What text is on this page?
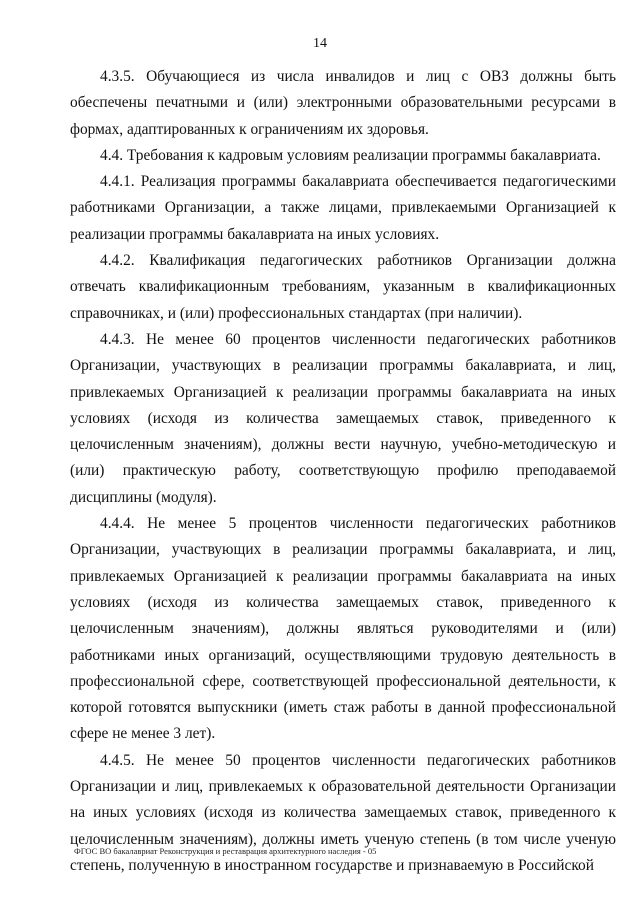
14

4.3.5. Обучающиеся из числа инвалидов и лиц с ОВЗ должны быть обеспечены печатными и (или) электронными образовательными ресурсами в формах, адаптированных к ограничениям их здоровья.

4.4. Требования к кадровым условиям реализации программы бакалавриата.

4.4.1. Реализация программы бакалавриата обеспечивается педагогическими работниками Организации, а также лицами, привлекаемыми Организацией к реализации программы бакалавриата на иных условиях.

4.4.2. Квалификация педагогических работников Организации должна отвечать квалификационным требованиям, указанным в квалификационных справочниках, и (или) профессиональных стандартах (при наличии).

4.4.3. Не менее 60 процентов численности педагогических работников Организации, участвующих в реализации программы бакалавриата, и лиц, привлекаемых Организацией к реализации программы бакалавриата на иных условиях (исходя из количества замещаемых ставок, приведенного к целочисленным значениям), должны вести научную, учебно-методическую и (или) практическую работу, соответствующую профилю преподаваемой дисциплины (модуля).

4.4.4. Не менее 5 процентов численности педагогических работников Организации, участвующих в реализации программы бакалавриата, и лиц, привлекаемых Организацией к реализации программы бакалавриата на иных условиях (исходя из количества замещаемых ставок, приведенного к целочисленным значениям), должны являться руководителями и (или) работниками иных организаций, осуществляющими трудовую деятельность в профессиональной сфере, соответствующей профессиональной деятельности, к которой готовятся выпускники (иметь стаж работы в данной профессиональной сфере не менее 3 лет).

4.4.5. Не менее 50 процентов численности педагогических работников Организации и лиц, привлекаемых к образовательной деятельности Организации на иных условиях (исходя из количества замещаемых ставок, приведенного к целочисленным значениям), должны иметь ученую степень (в том числе ученую степень, полученную в иностранном государстве и признаваемую в Российской

ФГОС ВО бакалавриат Реконструкция и реставрация архитектурного наследия - 05
